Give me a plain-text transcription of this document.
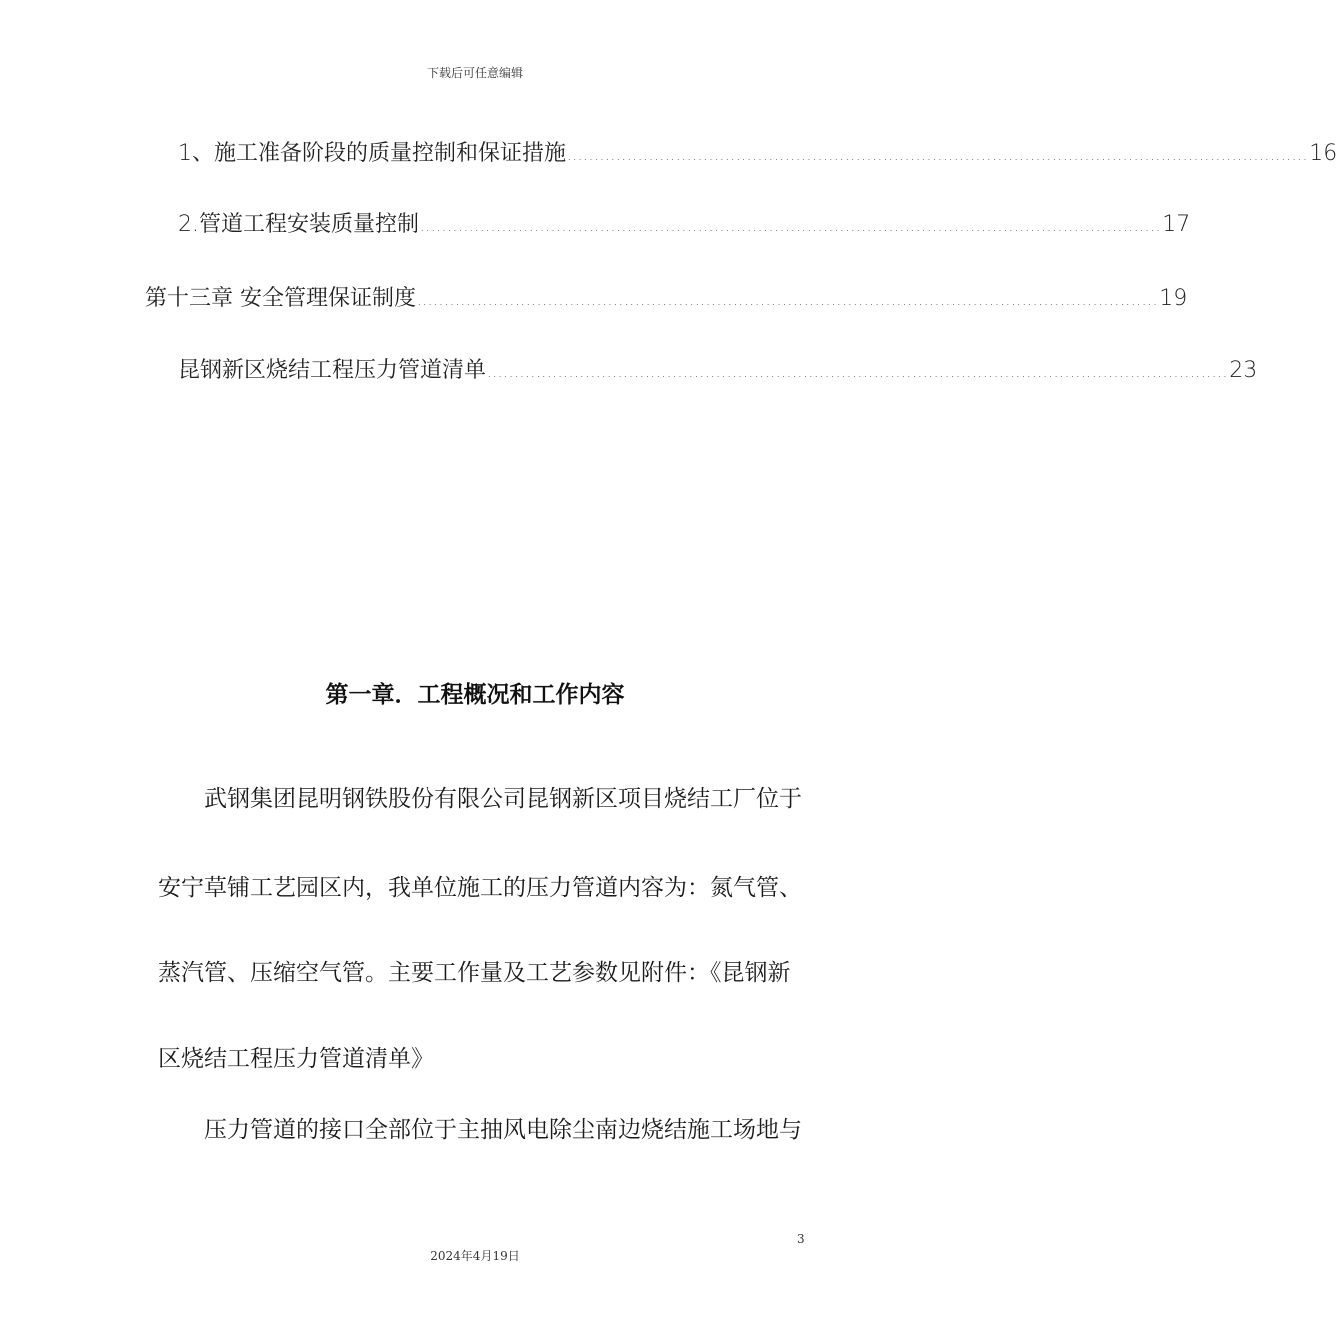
下载后可任意编辑
1、施工准备阶段的质量控制和保证措施 ........................................................................................................................................ 16
2.管道工程安装质量控制 ........................................................................................................................................ 17
第十三章 安全管理保证制度 ........................................................................................................................................ 19
昆钢新区烧结工程压力管道清单 ........................................................................................................................................ 23
第一章．工程概况和工作内容
　　武钢集团昆明钢铁股份有限公司昆钢新区项目烧结工厂位于
安宁草铺工艺园区内，我单位施工的压力管道内容为：氮气管、
蒸汽管、压缩空气管。主要工作量及工艺参数见附件：《昆钢新
区烧结工程压力管道清单》
　　压力管道的接口全部位于主抽风电除尘南边烧结施工场地与
3
2024年4月19日
